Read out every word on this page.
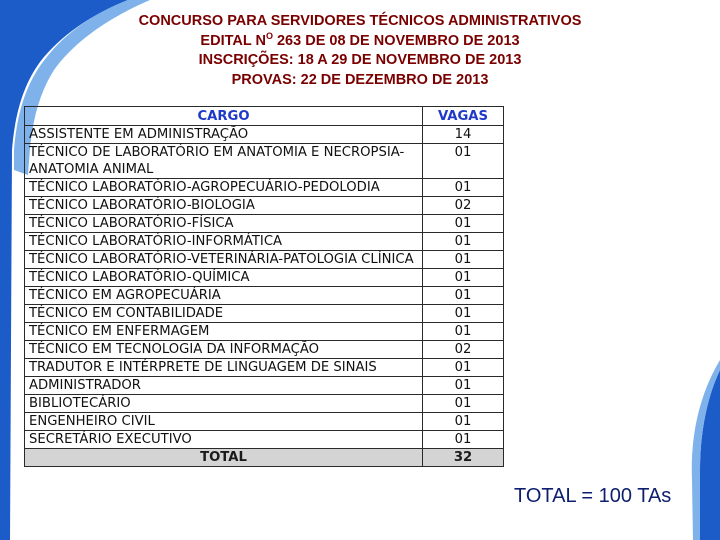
CONCURSO PARA SERVIDORES TÉCNICOS ADMINISTRATIVOS
EDITAL $N^O$ 263 DE 08 DE NOVEMBRO DE 2013
INSCRIÇÕES: 18 A 29 DE NOVEMBRO DE 2013
PROVAS: 22 DE DEZEMBRO DE 2013
CARGO	VAGAS
ASSISTENTE EM ADMINISTRAÇÃO	14
TÉCNICO DE LABORATÓRIO EM ANATOMIA E NECROPSIA-ANATOMIA ANIMAL	01
TÉCNICO LABORATÓRIO-AGROPECUÁRIO-PEDOLODIA	01
TÉCNICO LABORATÓRIO-BIOLOGIA	02
TÉCNICO LABORATÓRIO-FÍSICA	01
TÉCNICO LABORATÓRIO-INFORMÁTICA	01
TÉCNICO LABORATÓRIO-VETERINÁRIA-PATOLOGIA CLÍNICA	01
TÉCNICO LABORATÓRIO-QUÍMICA	01
TÉCNICO EM AGROPECUÁRIA	01
TÉCNICO EM CONTABILIDADE	01
TÉCNICO EM ENFERMAGEM	01
TÉCNICO EM TECNOLOGIA DA INFORMAÇÃO	02
TRADUTOR E INTÉRPRETE DE LINGUAGEM DE SINAIS	01
ADMINISTRADOR	01
BIBLIOTECÁRIO	01
ENGENHEIRO CIVIL	01
SECRETÁRIO EXECUTIVO	01
TOTAL	32
TOTAL = 100 TAs
